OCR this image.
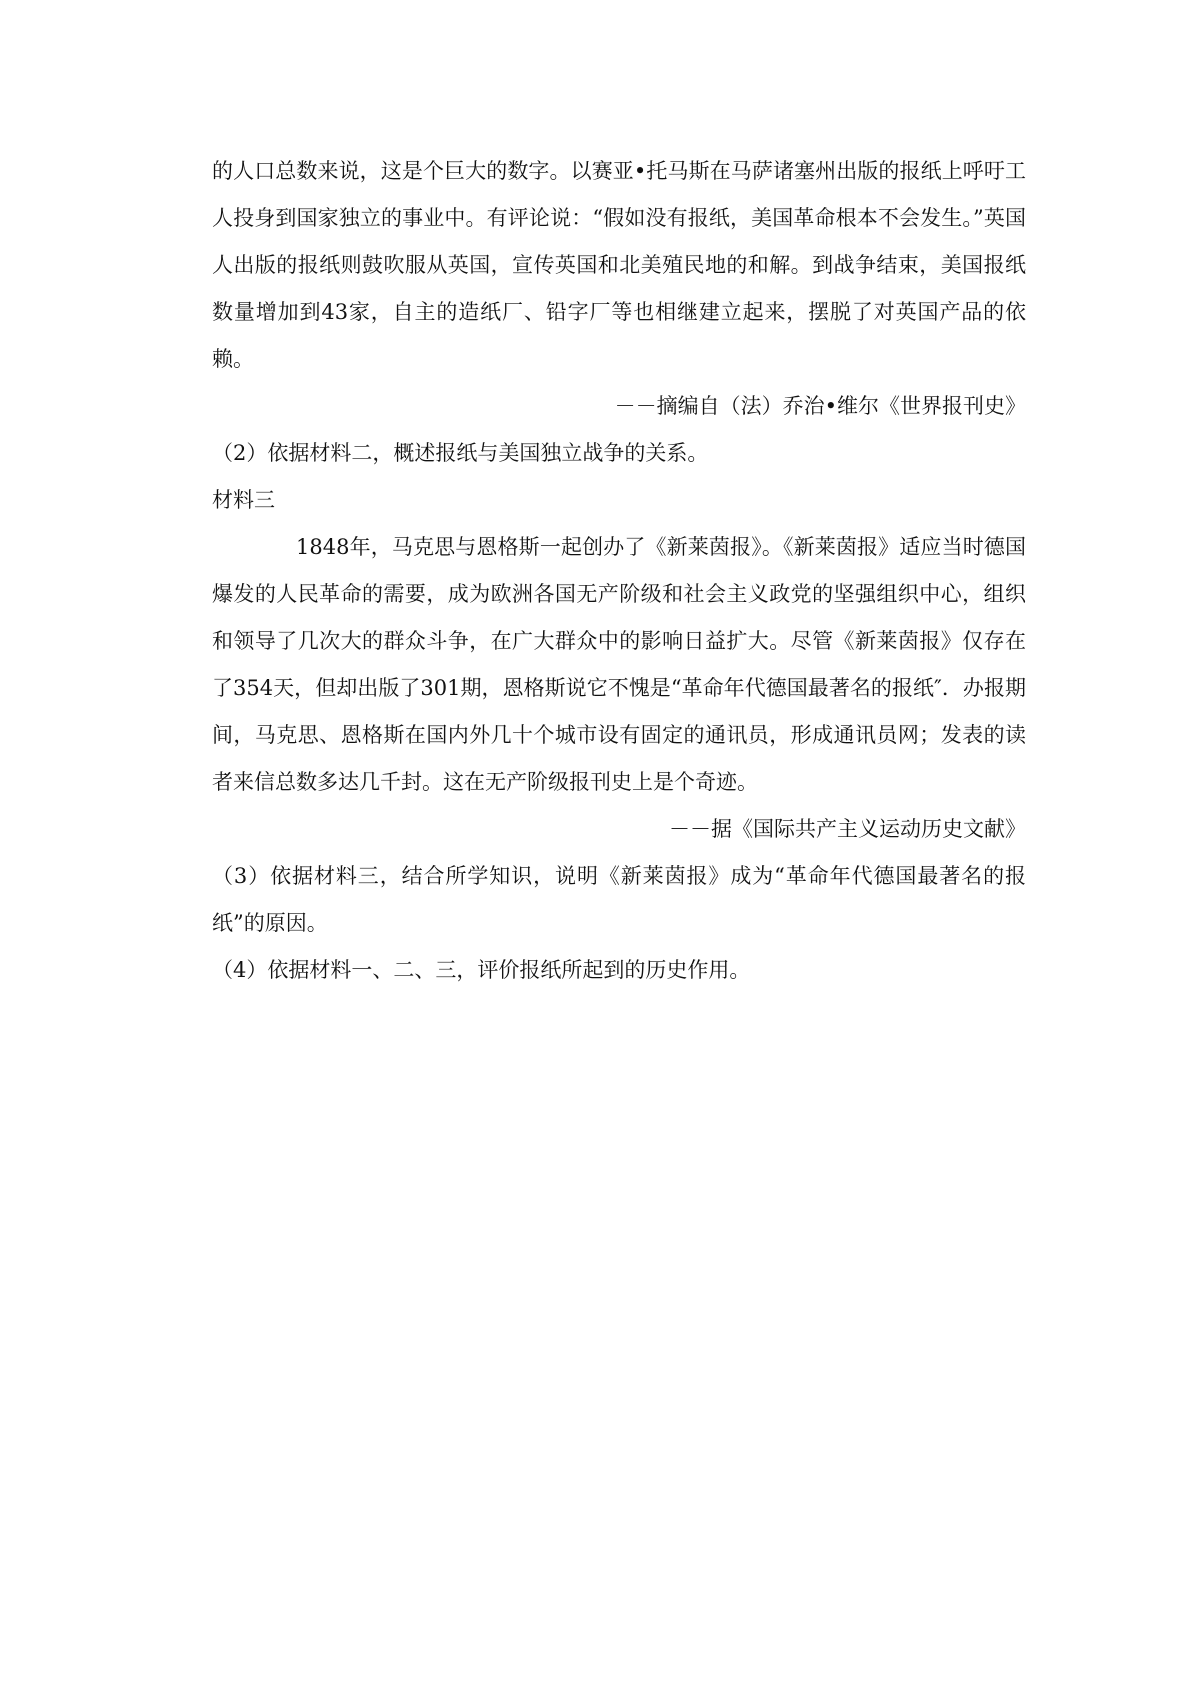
的人口总数来说，这是个巨大的数字。以赛亚•托马斯在马萨诸塞州出版的报纸上呼吁工人投身到国家独立的事业中。有评论说：“假如没有报纸，美国革命根本不会发生。”英国人出版的报纸则鼓吹服从英国，宣传英国和北美殖民地的和解。到战争结束，美国报纸数量增加到43家，自主的造纸厂、铅字厂等也相继建立起来，摆脱了对英国产品的依赖。

－－摘编自（法）乔治•维尔《世界报刊史》

（2）依据材料二，概述报纸与美国独立战争的关系。

材料三

1848年，马克思与恩格斯一起创办了《新莱茵报》。《新莱茵报》适应当时德国爆发的人民革命的需要，成为欧洲各国无产阶级和社会主义政党的坚强组织中心，组织和领导了几次大的群众斗争，在广大群众中的影响日益扩大。尽管《新莱茵报》仅存在了354天，但却出版了301期，恩格斯说它不愧是“革命年代德国最著名的报纸″．办报期间，马克思、恩格斯在国内外几十个城市设有固定的通讯员，形成通讯员网；发表的读者来信总数多达几千封。这在无产阶级报刊史上是个奇迹。

－－据《国际共产主义运动历史文献》

（3）依据材料三，结合所学知识，说明《新莱茵报》成为“革命年代德国最著名的报纸”的原因。

（4）依据材料一、二、三，评价报纸所起到的历史作用。
